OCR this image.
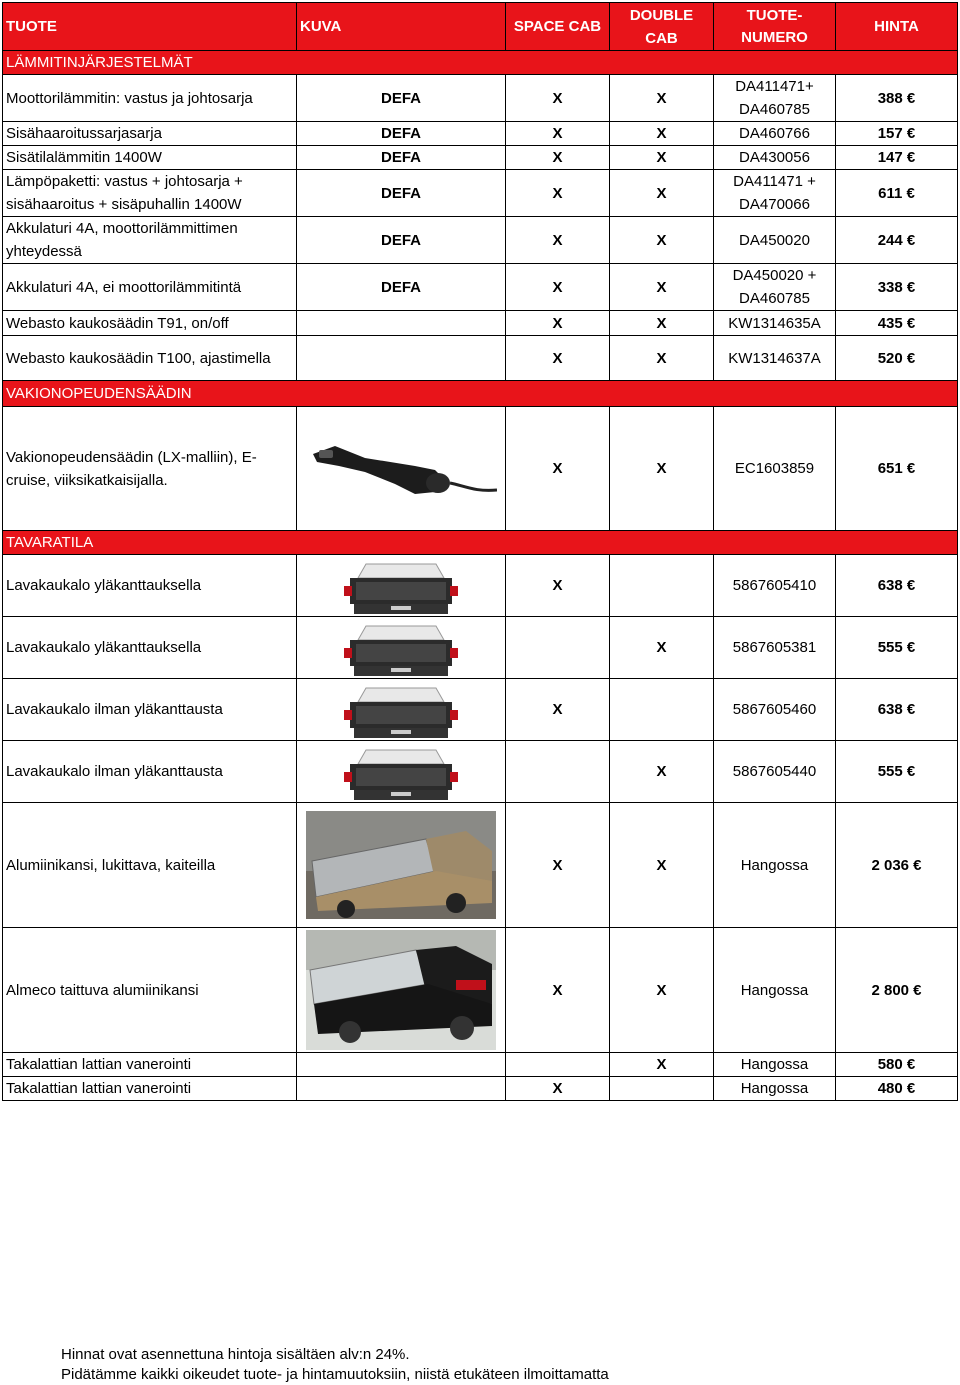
TUOTE	KUVA	SPACE CAB	DOUBLE CAB	TUOTE-NUMERO	HINTA
LÄMMITINJÄRJESTELMÄT					
Moottorilämmitin: vastus ja johtosarja	DEFA	X	X	DA411471+ DA460785	388 €
Sisähaaroitussarjasarja	DEFA	X	X	DA460766	157 €
Sisätilalämmitin 1400W	DEFA	X	X	DA430056	147 €
Lämpöpaketti: vastus + johtosarja + sisähaaroitus + sisäpuhallin 1400W	DEFA	X	X	DA411471 + DA470066	611 €
Akkulaturi 4A, moottorilämmittimen yhteydessä	DEFA	X	X	DA450020	244 €
Akkulaturi 4A, ei moottorilämmitintä	DEFA	X	X	DA450020 + DA460785	338 €
Webasto kaukosäädin T91, on/off		X	X	KW1314635A	435 €
Webasto kaukosäädin T100, ajastimella		X	X	KW1314637A	520 €
VAKIONOPEUDENSÄÄDIN					
Vakionopeudensäädin (LX-malliin), E-cruise, viiksikatkaisijalla.		X	X	EC1603859	651 €
TAVARATILA					
Lavakaukalo yläkanttauksella		X		5867605410	638 €
Lavakaukalo yläkanttauksella			X	5867605381	555 €
Lavakaukalo ilman yläkanttausta		X		5867605460	638 €
Lavakaukalo ilman yläkanttausta			X	5867605440	555 €
Alumiinikansi, lukittava, kaiteilla		X	X	Hangossa	2 036 €
Almeco taittuva alumiinikansi		X	X	Hangossa	2 800 €
Takalattian lattian vanerointi			X	Hangossa	580 €
Takalattian lattian vanerointi		X		Hangossa	480 €
Hinnat ovat asennettuna hintoja sisältäen alv:n 24%.
Pidätämme kaikki oikeudet tuote- ja hintamuutoksiin, niistä etukäteen ilmoittamatta
